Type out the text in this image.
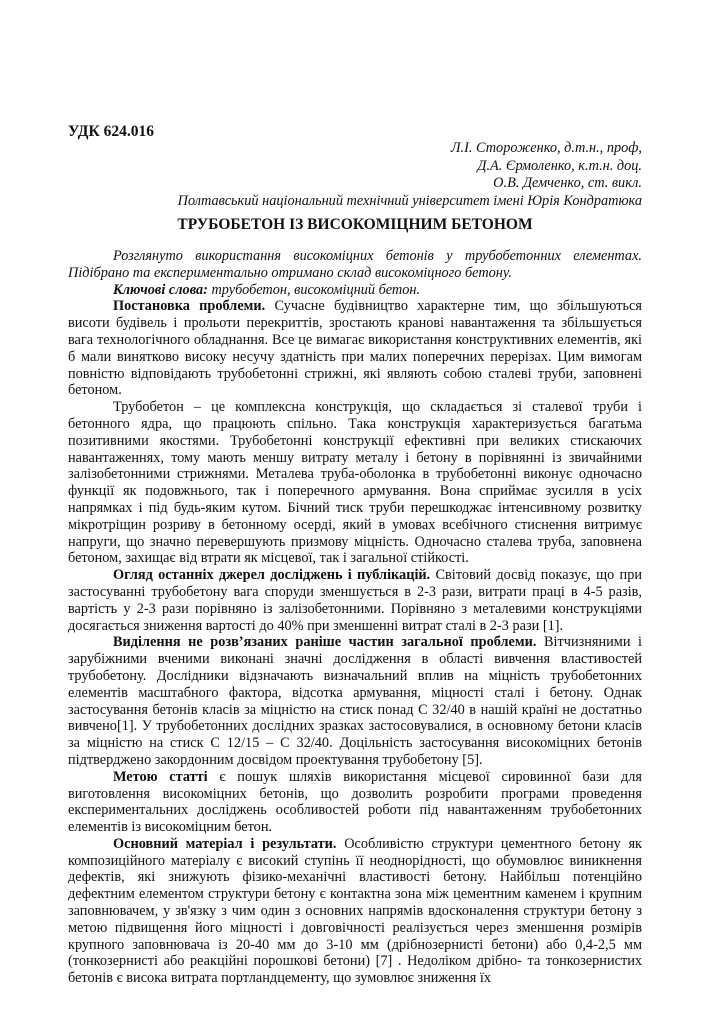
УДК 624.016

Л.І. Стороженко, д.т.н., проф,
Д.А. Єрмоленко, к.т.н. доц.
О.В. Демченко, ст. викл.
Полтавський національний технічний університет імені Юрія Кондратюка
ТРУБОБЕТОН ІЗ ВИСОКОМІЦНИМ БЕТОНОМ

Розглянуто використання високоміцних бетонів у трубобетонних елементах. Підібрано та експериментально отримано склад високоміцного бетону.

Ключові слова: трубобетон, високоміцний бетон.

Постановка проблеми. Сучасне будівництво характерне тим, що збільшуються висоти будівель і прольоти перекриттів, зростають кранові навантаження та збільшується вага технологічного обладнання. Все це вимагає використання конструктивних елементів, які б мали винятково високу несучу здатність при малих поперечних перерізах. Цим вимогам повністю відповідають трубобетонні стрижні, які являють собою сталеві труби, заповнені бетоном.

Трубобетон – це комплексна конструкція, що складається зі сталевої труби і бетонного ядра, що працюють спільно. Така конструкція характеризується багатьма позитивними якостями. Трубобетонні конструкції ефективні при великих стискаючих навантаженнях, тому мають меншу витрату металу і бетону в порівнянні із звичайними залізобетонними стрижнями. Металева труба-оболонка в трубобетонні виконує одночасно функції як подовжнього, так і поперечного армування. Вона сприймає зусилля в усіх напрямках і під будь-яким кутом. Бічний тиск труби перешкоджає інтенсивному розвитку мікротріщин розриву в бетонному осерді, який в умовах всебічного стиснення витримує напруги, що значно перевершують призмову міцність. Одночасно сталева труба, заповнена бетоном, захищає від втрати як місцевої, так і загальної стійкості.

Огляд останніх джерел досліджень і публікацій. Світовий досвід показує, що при застосуванні трубобетону вага споруди зменшується в 2-3 рази, витрати праці в 4-5 разів, вартість у 2-3 рази порівняно із залізобетонними. Порівняно з металевими конструкціями досягається зниження вартості до 40% при зменшенні витрат сталі в 2-3 рази [1].

Виділення не розв’язаних раніше частин загальної проблеми. Вітчизняними і зарубіжними вченими виконані значні дослідження в області вивчення властивостей трубобетону. Дослідники відзначають визначальний вплив на міцність трубобетонних елементів масштабного фактора, відсотка армування, міцності сталі і бетону. Однак застосування бетонів класів за міцністю на стиск понад С 32/40 в нашій країні не достатньо вивчено[1]. У трубобетонних дослідних зразках застосовувалися, в основному бетони класів за міцністю на стиск С 12/15 – С 32/40. Доцільність застосування високоміцних бетонів підтверджено закордонним досвідом проектування трубобетону [5].

Метою статті є пошук шляхів використання місцевої сировинної бази для виготовлення високоміцних бетонів, що дозволить розробити програми проведення експериментальних досліджень особливостей роботи під навантаженням трубобетонних елементів із високоміцним бетон.

Основний матеріал і результати. Особливістю структури цементного бетону як композиційного матеріалу є високий ступінь її неоднорідності, що обумовлює виникнення дефектів, які знижують фізико-механічні властивості бетону. Найбільш потенційно дефектним елементом структури бетону є контактна зона між цементним каменем і крупним заповнювачем, у зв'язку з чим один з основних напрямів вдосконалення структури бетону з метою підвищення його міцності і довговічності реалізується через зменшення розмірів крупного заповнювача із 20-40 мм до 3-10 мм (дрібнозернисті бетони) або 0,4-2,5 мм (тонкозернисті або реакційні порошкові бетони) [7] . Недоліком дрібно- та тонкозернистих бетонів є висока витрата портландцементу, що зумовлює зниження їх
